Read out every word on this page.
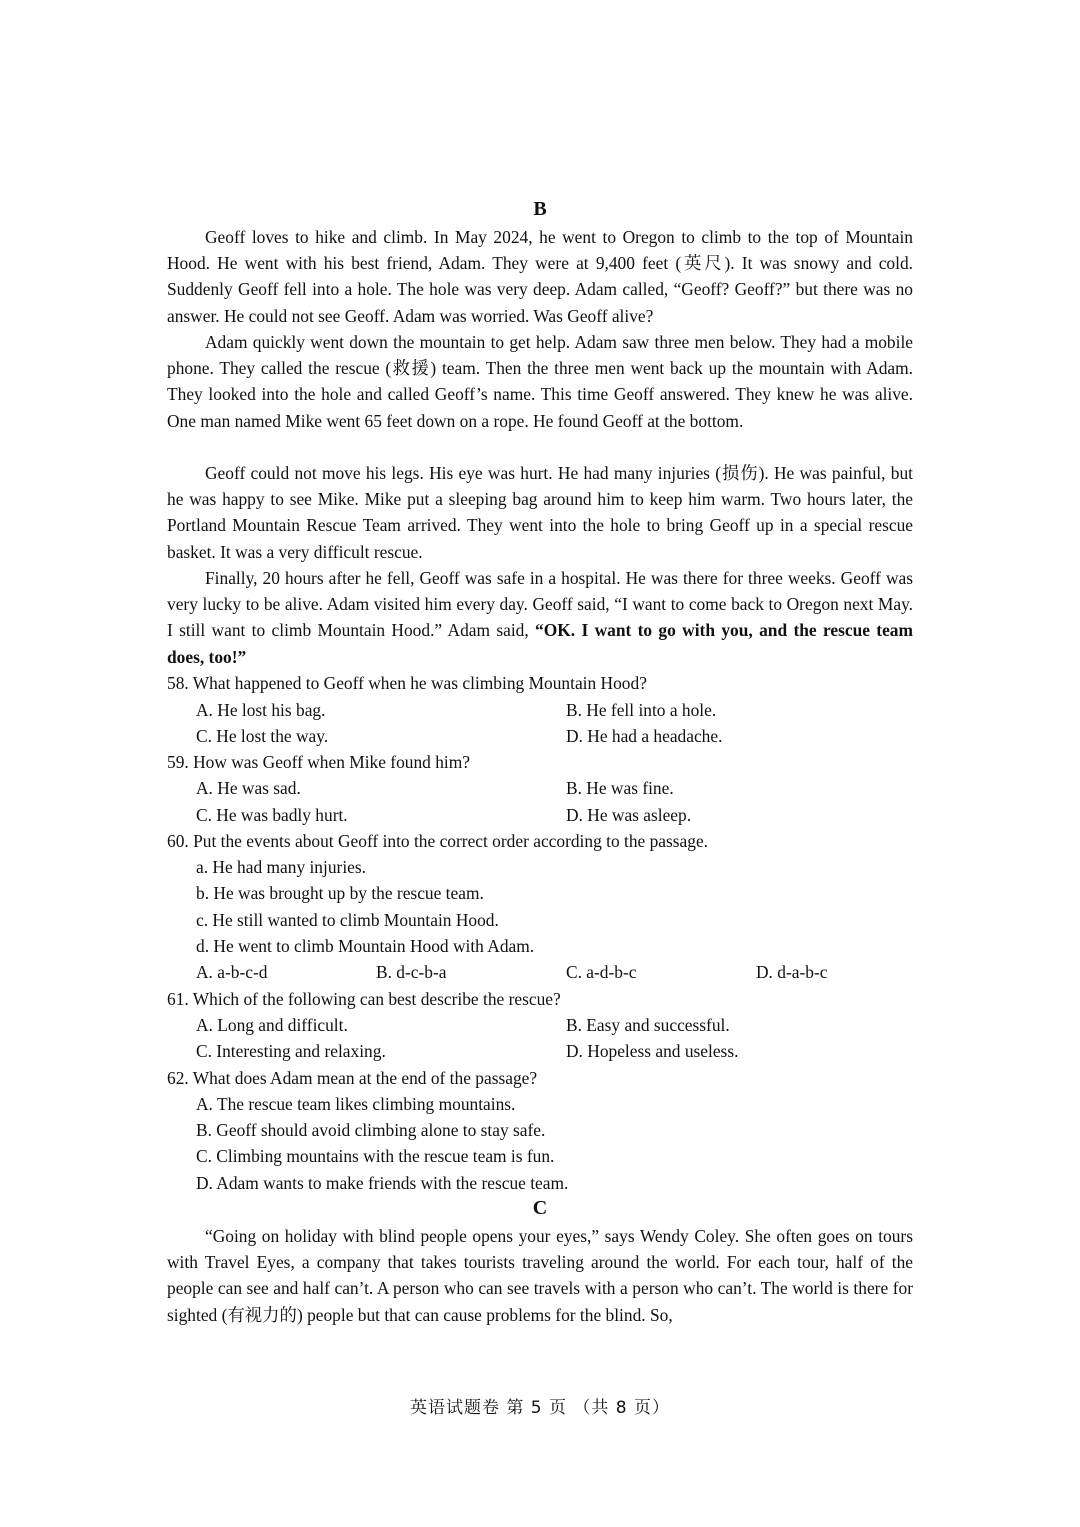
B
Geoff loves to hike and climb. In May 2024, he went to Oregon to climb to the top of Mountain Hood. He went with his best friend, Adam. They were at 9,400 feet (英尺). It was snowy and cold. Suddenly Geoff fell into a hole. The hole was very deep. Adam called, “Geoff? Geoff?” but there was no answer. He could not see Geoff. Adam was worried. Was Geoff alive?
Adam quickly went down the mountain to get help. Adam saw three men below. They had a mobile phone. They called the rescue (救援) team. Then the three men went back up the mountain with Adam. They looked into the hole and called Geoff’s name. This time Geoff answered. They knew he was alive. One man named Mike went 65 feet down on a rope. He found Geoff at the bottom.
Geoff could not move his legs. His eye was hurt. He had many injuries (损伤). He was painful, but he was happy to see Mike. Mike put a sleeping bag around him to keep him warm. Two hours later, the Portland Mountain Rescue Team arrived. They went into the hole to bring Geoff up in a special rescue basket. It was a very difficult rescue.
Finally, 20 hours after he fell, Geoff was safe in a hospital. He was there for three weeks. Geoff was very lucky to be alive. Adam visited him every day. Geoff said, “I want to come back to Oregon next May. I still want to climb Mountain Hood.” Adam said, “OK. I want to go with you, and the rescue team does, too!”
58. What happened to Geoff when he was climbing Mountain Hood?
A. He lost his bag.	B. He fell into a hole.
C. He lost the way.	D. He had a headache.
59. How was Geoff when Mike found him?
A. He was sad.	B. He was fine.
C. He was badly hurt.	D. He was asleep.
60. Put the events about Geoff into the correct order according to the passage.
a. He had many injuries.
b. He was brought up by the rescue team.
c. He still wanted to climb Mountain Hood.
d. He went to climb Mountain Hood with Adam.
A. a-b-c-d	B. d-c-b-a	C. a-d-b-c	D. d-a-b-c
61. Which of the following can best describe the rescue?
A. Long and difficult.	B. Easy and successful.
C. Interesting and relaxing.	D. Hopeless and useless.
62. What does Adam mean at the end of the passage?
A. The rescue team likes climbing mountains.
B. Geoff should avoid climbing alone to stay safe.
C. Climbing mountains with the rescue team is fun.
D. Adam wants to make friends with the rescue team.
C
“Going on holiday with blind people opens your eyes,” says Wendy Coley. She often goes on tours with Travel Eyes, a company that takes tourists traveling around the world. For each tour, half of the people can see and half can’t. A person who can see travels with a person who can’t. The world is there for sighted (有视力的) people but that can cause problems for the blind. So,
英语试题卷 第 5 页 （共 8 页）
